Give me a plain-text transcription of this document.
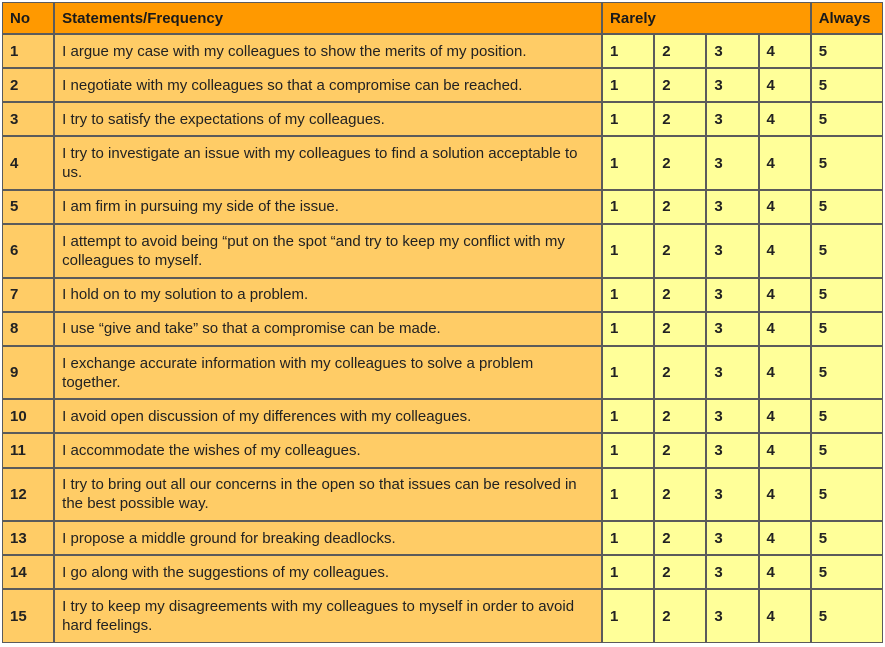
No	Statements/Frequency	Rarely				Always
1	I argue my case with my colleagues to show the merits of my position.	1	2	3	4	5
2	I negotiate with my colleagues so that a compromise can be reached.	1	2	3	4	5
3	I try to satisfy the expectations of my colleagues.	1	2	3	4	5
4	I try to investigate an issue with my colleagues to find a solution acceptable to us.	1	2	3	4	5
5	I am firm in pursuing my side of the issue.	1	2	3	4	5
6	I attempt to avoid being “put on the spot “and try to keep my conflict with my colleagues to myself.	1	2	3	4	5
7	I hold on to my solution to a problem.	1	2	3	4	5
8	I use “give and take” so that a compromise can be made.	1	2	3	4	5
9	I exchange accurate information with my colleagues to solve a problem together.	1	2	3	4	5
10	I avoid open discussion of my differences with my colleagues.	1	2	3	4	5
11	I accommodate the wishes of my colleagues.	1	2	3	4	5
12	I try to bring out all our concerns in the open so that issues can be resolved in the best possible way.	1	2	3	4	5
13	I propose a middle ground for breaking deadlocks.	1	2	3	4	5
14	I go along with the suggestions of my colleagues.	1	2	3	4	5
15	I try to keep my disagreements with my colleagues to myself in order to avoid hard feelings.	1	2	3	4	5
